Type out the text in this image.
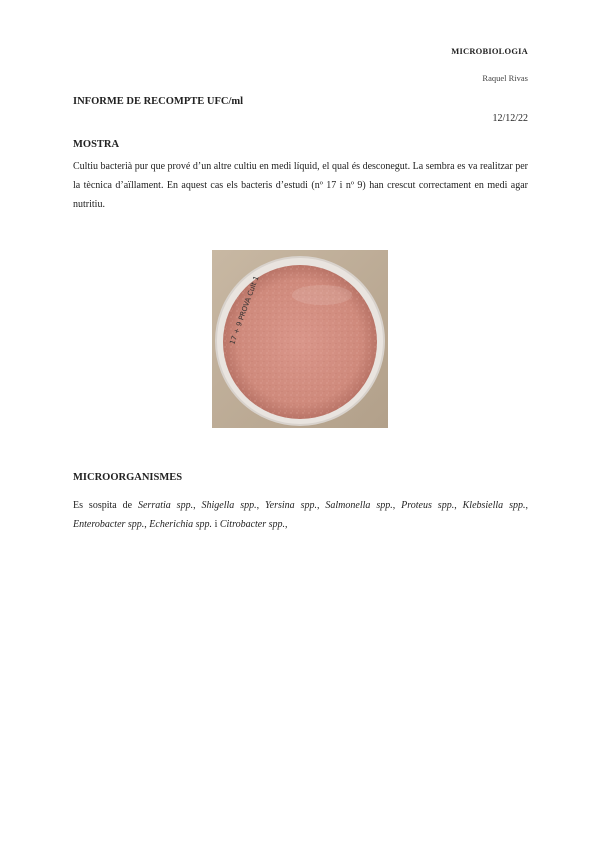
MICROBIOLOGIA
Raquel Rivas
INFORME DE RECOMPTE UFC/ml
12/12/22
MOSTRA

Cultiu bacterià pur que prové d’un altre cultiu en medi líquid, el qual és desconegut. La sembra es va realitzar per la tècnica d’aïllament. En aquest cas els bacteris d’estudi (nº 17 i nº 9) han crescut correctament en medi agar nutritiu.

17 + 9 PROVA Cult 1
MICROORGANISMES

Es sospita de Serratia spp., Shigella spp., Yersina spp., Salmonella spp., Proteus spp., Klebsiella spp., Enterobacter spp., Echerichia spp. i Citrobacter spp.,
